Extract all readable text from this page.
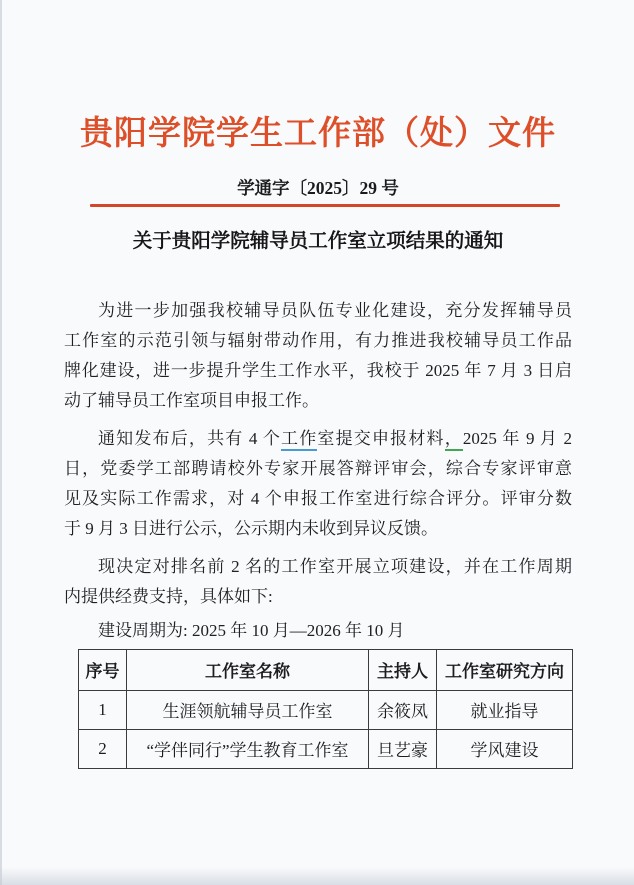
贵阳学院学生工作部（处）文件
学通字〔2025〕29 号
关于贵阳学院辅导员工作室立项结果的通知
为进一步加强我校辅导员队伍专业化建设，充分发挥辅导员
工作室的示范引领与辐射带动作用，有力推进我校辅导员工作品
牌化建设，进一步提升学生工作水平，我校于 2025 年 7 月 3 日启
动了辅导员工作室项目申报工作。
通知发布后，共有 4 个工作室提交申报材料，2025 年 9 月 2
日，党委学工部聘请校外专家开展答辩评审会，综合专家评审意
见及实际工作需求，对 4 个申报工作室进行综合评分。评审分数
于 9 月 3 日进行公示，公示期内未收到异议反馈。
现决定对排名前 2 名的工作室开展立项建设，并在工作周期
内提供经费支持，具体如下:
建设周期为: 2025 年 10 月—2026 年 10 月
序号	工作室名称	主持人	工作室研究方向
1	生涯领航辅导员工作室	余筱凤	就业指导
2	“学伴同行”学生教育工作室	旦艺豪	学风建设
